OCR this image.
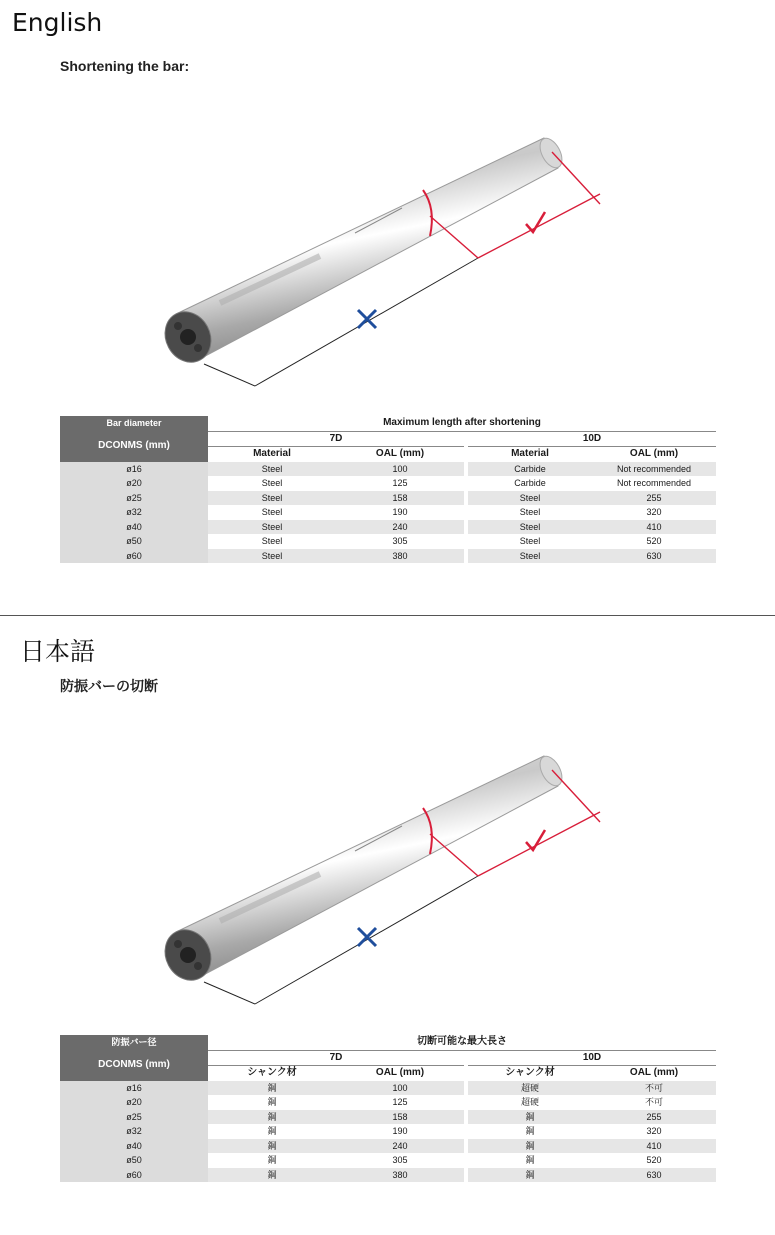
English
Shortening the bar:
Bar diameter	Maximum length after shortening				
DCONMS (mm)	7D			10D	
	Material	OAL (mm)		Material	OAL (mm)
ø16	Steel	100		Carbide	Not recommended
ø20	Steel	125		Carbide	Not recommended
ø25	Steel	158		Steel	255
ø32	Steel	190		Steel	320
ø40	Steel	240		Steel	410
ø50	Steel	305		Steel	520
ø60	Steel	380		Steel	630
日本語
防振バーの切断
防振バー径	切断可能な最大長さ				
DCONMS (mm)	7D			10D	
	シャンク材	OAL (mm)		シャンク材	OAL (mm)
ø16	鋼	100		超硬	不可
ø20	鋼	125		超硬	不可
ø25	鋼	158		鋼	255
ø32	鋼	190		鋼	320
ø40	鋼	240		鋼	410
ø50	鋼	305		鋼	520
ø60	鋼	380		鋼	630
